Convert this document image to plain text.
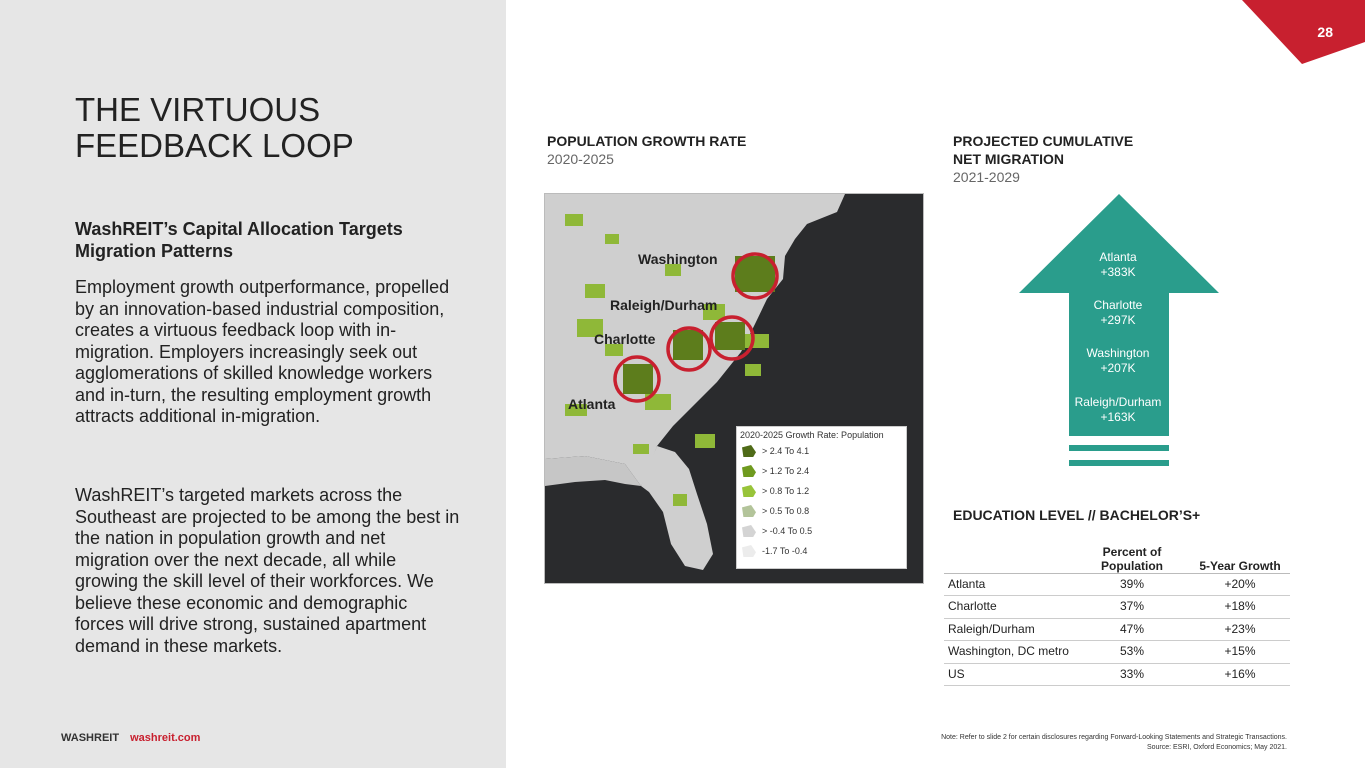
THE VIRTUOUS FEEDBACK LOOP
WashREIT’s Capital Allocation Targets Migration Patterns

Employment growth outperformance, propelled by an innovation-based industrial composition, creates a virtuous feedback loop with in-migration. Employers increasingly seek out agglomerations of skilled knowledge workers and in-turn, the resulting employment growth attracts additional in-migration.

WashREIT’s targeted markets across the Southeast are projected to be among the best in the nation in population growth and net migration over the next decade, all while growing the skill level of their workforces. We believe these economic and demographic forces will drive strong, sustained apartment demand in these markets.

WASHREIT washreit.com
28
POPULATION GROWTH RATE
2020-2025
Washington
Raleigh/Durham
Charlotte
Atlanta
2020-2025 Growth Rate: Population
> 2.4 To 4.1
> 1.2 To 2.4
> 0.8 To 1.2
> 0.5 To 0.8
> -0.4 To 0.5
-1.7 To -0.4
PROJECTED CUMULATIVE
NET MIGRATION
2021-2029
Atlanta
+383K
Charlotte
+297K
Washington
+207K
Raleigh/Durham
+163K
EDUCATION LEVEL // BACHELOR’S+
	Percent of Population	5-Year Growth
Atlanta	39%	+20%
Charlotte	37%	+18%
Raleigh/Durham	47%	+23%
Washington, DC metro	53%	+15%
US	33%	+16%
Note: Refer to slide 2 for certain disclosures regarding Forward-Looking Statements and Strategic Transactions.
Source: ESRI, Oxford Economics; May 2021.
